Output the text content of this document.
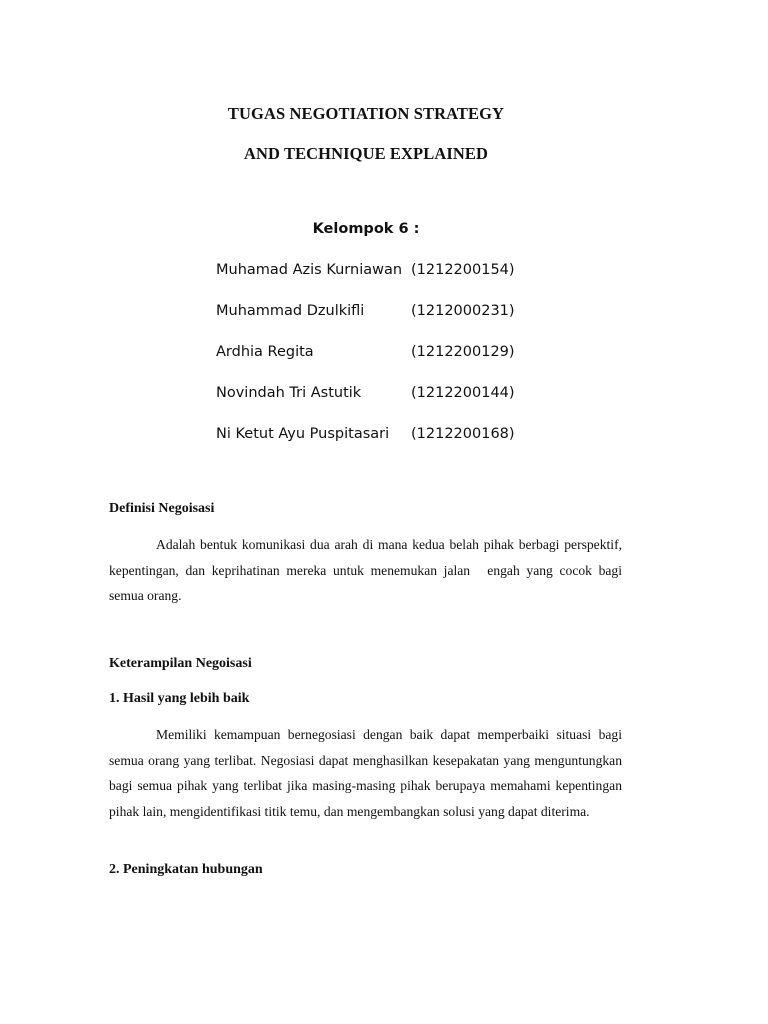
TUGAS NEGOTIATION STRATEGY
AND TECHNIQUE EXPLAINED
Kelompok 6 :
Muhamad Azis Kurniawan (1212200154)
Muhammad Dzulkifli	(1212000231)
Ardhia Regita	(1212200129)
Novindah Tri Astutik	(1212200144)
Ni Ketut Ayu Puspitasari (1212200168)
Definisi Negoisasi
Adalah bentuk komunikasi dua arah di mana kedua belah pihak berbagi perspektif, kepentingan, dan keprihatinan mereka untuk menemukan jalan engah yang cocok bagi semua orang.
Keterampilan Negoisasi
1. Hasil yang lebih baik
Memiliki kemampuan bernegosiasi dengan baik dapat memperbaiki situasi bagi semua orang yang terlibat. Negosiasi dapat menghasilkan kesepakatan yang menguntungkan bagi semua pihak yang terlibat jika masing-masing pihak berupaya memahami kepentingan pihak lain, mengidentifikasi titik temu, dan mengembangkan solusi yang dapat diterima.
2. Peningkatan hubungan
